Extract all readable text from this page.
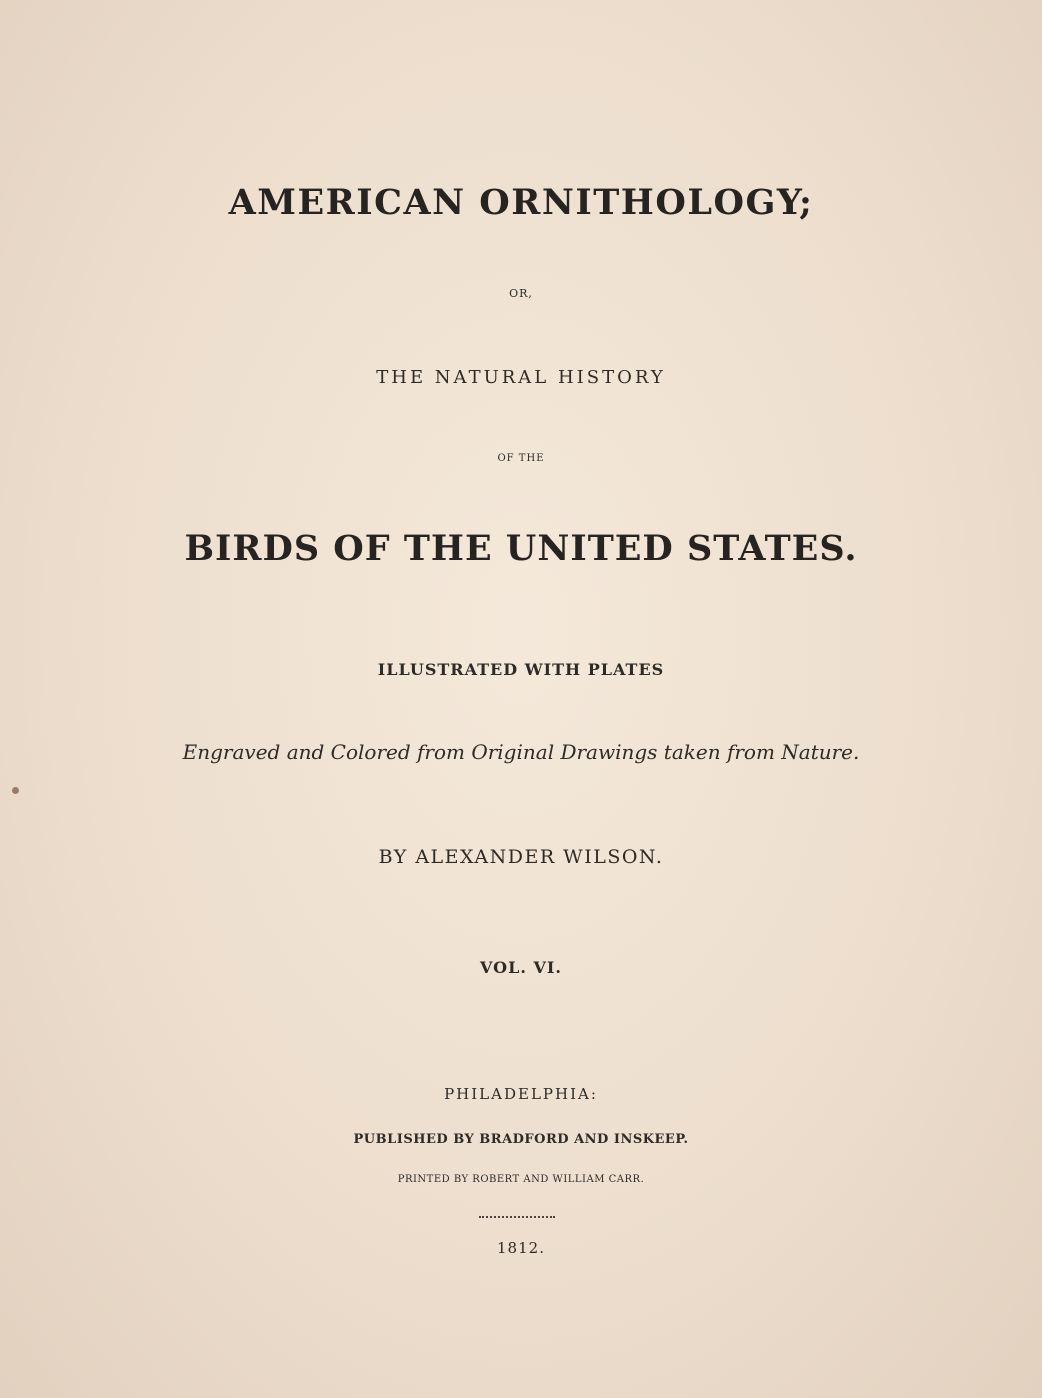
AMERICAN ORNITHOLOGY;
OR,
THE NATURAL HISTORY
OF THE
BIRDS OF THE UNITED STATES.
ILLUSTRATED WITH PLATES
Engraved and Colored from Original Drawings taken from Nature.
BY ALEXANDER WILSON.
VOL. VI.
PHILADELPHIA:
PUBLISHED BY BRADFORD AND INSKEEP.
PRINTED BY ROBERT AND WILLIAM CARR.
1812.
